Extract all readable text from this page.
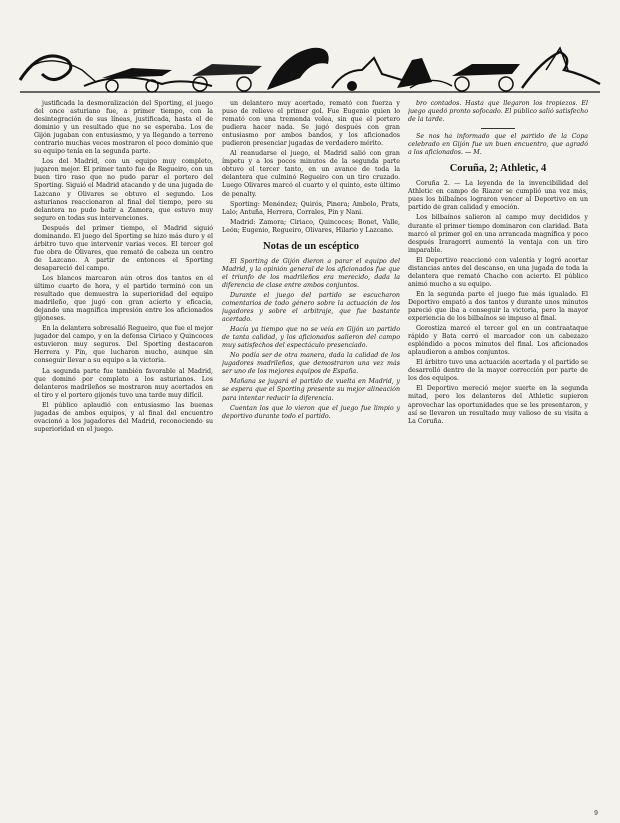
justificada la desmoralización del Sporting, el juego del once asturiano fue, a primer tiempo, con la desintegración de sus líneas, justificada, hasta el de dominio y un resultado que no se esperaba. Los de Gijón jugaban con entusiasmo, y ya llegando a terreno contrario muchas veces mostraron el poco dominio que su equipo tenía en la segunda parte.

Los del Madrid, con un equipo muy completo, jugaron mejor. El primer tanto fue de Regueiro, con un buen tiro raso que no pudo parar el portero del Sporting. Siguió el Madrid atacando y de una jugada de Lazcano y Olivares se obtuvo el segundo. Los asturianos reaccionaron al final del tiempo, pero su delantera no pudo batir a Zamora, que estuvo muy seguro en todas sus intervenciones.

Después del primer tiempo, el Madrid siguió dominando. El juego del Sporting se hizo más duro y el árbitro tuvo que intervenir varias veces. El tercer gol fue obra de Olivares, que remató de cabeza un centro de Lazcano. A partir de entonces el Sporting desapareció del campo.

Los blancos marcaron aún otros dos tantos en el último cuarto de hora, y el partido terminó con un resultado que demuestra la superioridad del equipo madrileño, que jugó con gran acierto y eficacia, dejando una magnífica impresión entre los aficionados gijoneses.

En la delantera sobresalió Regueiro, que fue el mejor jugador del campo, y en la defensa Ciriaco y Quincoces estuvieron muy seguros. Del Sporting destacaron Herrera y Pin, que lucharon mucho, aunque sin conseguir llevar a su equipo a la victoria.

La segunda parte fue también favorable al Madrid, que dominó por completo a los asturianos. Los delanteros madrileños se mostraron muy acertados en el tiro y el portero gijonés tuvo una tarde muy difícil.

El público aplaudió con entusiasmo las buenas jugadas de ambos equipos, y al final del encuentro ovacionó a los jugadores del Madrid, reconociendo su superioridad en el juego.

un delantero muy acertado, remató con fuerza y puso de relieve el primer gol. Fue Eugenio quien lo remató con una tremenda volea, sin que el portero pudiera hacer nada. Se jugó después con gran entusiasmo por ambos bandos, y los aficionados pudieron presenciar jugadas de verdadero mérito.

Al reanudarse el juego, el Madrid salió con gran ímpetu y a los pocos minutos de la segunda parte obtuvo el tercer tanto, en un avance de toda la delantera que culminó Regueiro con un tiro cruzado. Luego Olivares marcó el cuarto y el quinto, este último de penalty.

Sporting: Menéndez; Quirós, Pinera; Ambolo, Prats, Lalo; Antuña, Herrera, Corrales, Pin y Nani.

Madrid: Zamora; Ciriaco, Quincoces; Bonet, Valle, León; Eugenio, Regueiro, Olivares, Hilario y Lazcano.

Notas de un escéptico

El Sporting de Gijón dieron a parar el equipo del Madrid, y la opinión general de los aficionados fue que el triunfo de los madrileños era merecido, dada la diferencia de clase entre ambos conjuntos.

Durante el juego del partido se escucharon comentarios de todo género sobre la actuación de los jugadores y sobre el arbitraje, que fue bastante acertado.

Hacía ya tiempo que no se veía en Gijón un partido de tanta calidad, y los aficionados salieron del campo muy satisfechos del espectáculo presenciado.

No podía ser de otra manera, dada la calidad de los jugadores madrileños, que demostraron una vez más ser uno de los mejores equipos de España.

Mañana se jugará el partido de vuelta en Madrid, y se espera que el Sporting presente su mejor alineación para intentar reducir la diferencia.

Cuentan los que lo vieron que el juego fue limpio y deportivo durante todo el partido.

bro contados. Hasta que llegaron los tropiezos. El juego quedó pronto sofocado. El público salió satisfecho de la tarde.

Se nos ha informado que el partido de la Copa celebrado en Gijón fue un buen encuentro, que agradó a los aficionados. — M.

Coruña, 2; Athletic, 4

Coruña 2. — La leyenda de la invencibilidad del Athletic en campo de Riazor se cumplió una vez más, pues los bilbaínos lograron vencer al Deportivo en un partido de gran calidad y emoción.

Los bilbaínos salieron al campo muy decididos y durante el primer tiempo dominaron con claridad. Bata marcó el primer gol en una arrancada magnífica y poco después Iraragorri aumentó la ventaja con un tiro imparable.

El Deportivo reaccionó con valentía y logró acortar distancias antes del descanso, en una jugada de toda la delantera que remató Chacho con acierto. El público animó mucho a su equipo.

En la segunda parte el juego fue más igualado. El Deportivo empató a dos tantos y durante unos minutos pareció que iba a conseguir la victoria, pero la mayor experiencia de los bilbaínos se impuso al final.

Gorostiza marcó el tercer gol en un contraataque rápido y Bata cerró el marcador con un cabezazo espléndido a pocos minutos del final. Los aficionados aplaudieron a ambos conjuntos.

El árbitro tuvo una actuación acertada y el partido se desarrolló dentro de la mayor corrección por parte de los dos equipos.

El Deportivo mereció mejor suerte en la segunda mitad, pero los delanteros del Athletic supieron aprovechar las oportunidades que se les presentaron, y así se llevaron un resultado muy valioso de su visita a La Coruña.

9
